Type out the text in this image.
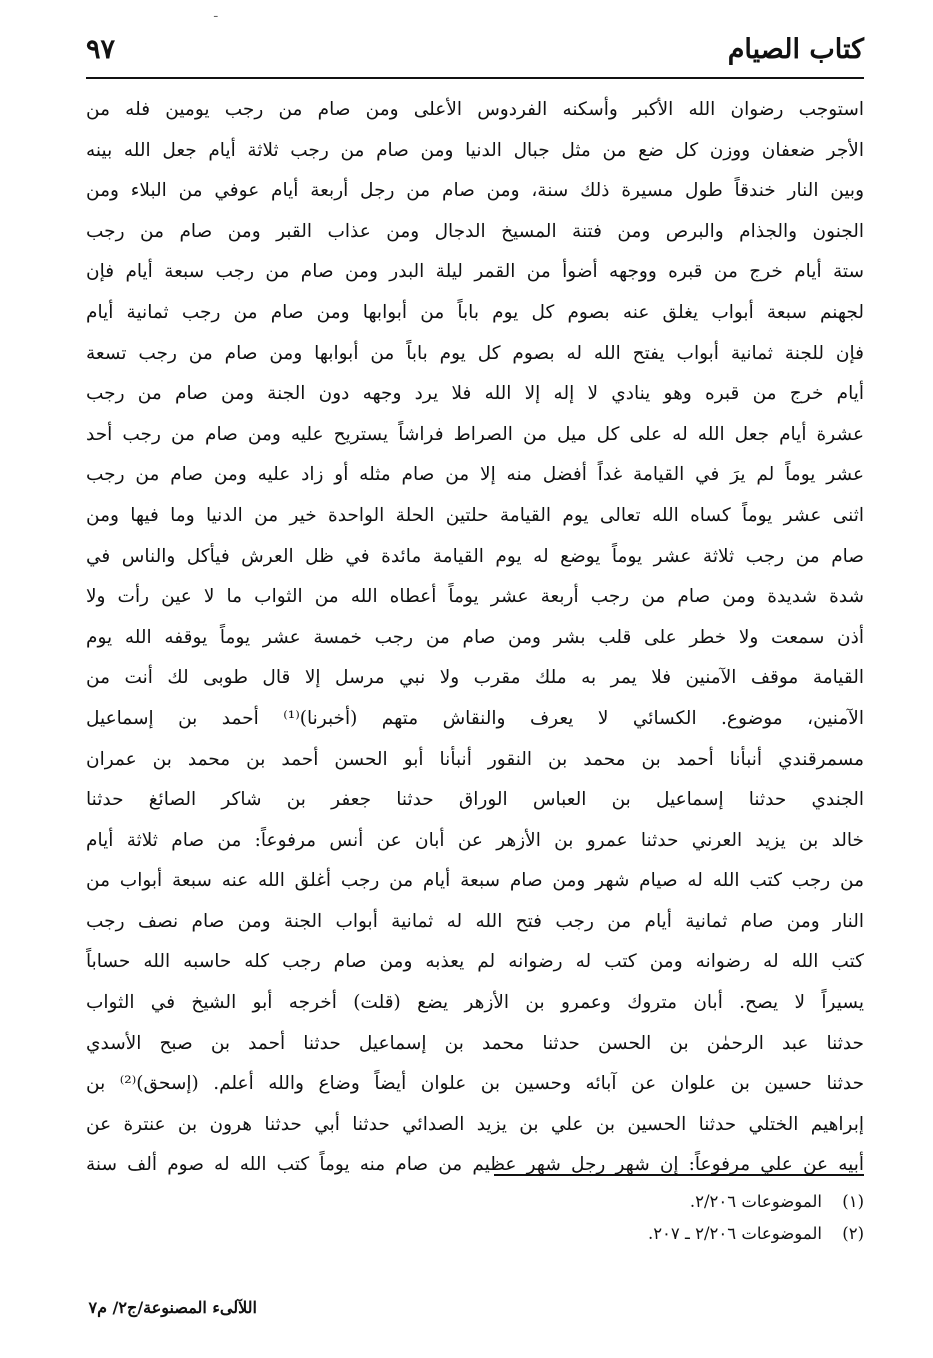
ـ
كتاب الصيام
٩٧
استوجب رضوان الله الأكبر وأسكنه الفردوس الأعلى ومن صام من رجب يومين فله من
الأجر ضعفان ووزن كل ضع من مثل جبال الدنيا ومن صام من رجب ثلاثة أيام جعل الله بينه
وبين النار خندقاً طول مسيرة ذلك سنة، ومن صام من رجل أربعة أيام عوفي من البلاء ومن
الجنون والجذام والبرص ومن فتنة المسيخ الدجال ومن عذاب القبر ومن صام من رجب
ستة أيام خرج من قبره ووجهه أضوأ من القمر ليلة البدر ومن صام من رجب سبعة أيام فإن
لجهنم سبعة أبواب يغلق عنه بصوم كل يوم باباً من أبوابها ومن صام من رجب ثمانية أيام
فإن للجنة ثمانية أبواب يفتح الله له بصوم كل يوم باباً من أبوابها ومن صام من رجب تسعة
أيام خرج من قبره وهو ينادي لا إله إلا الله فلا يرد وجهه دون الجنة ومن صام من رجب
عشرة أيام جعل الله له على كل ميل من الصراط فراشاً يستريح عليه ومن صام من رجب أحد
عشر يوماً لم يرَ في القيامة غداً أفضل منه إلا من صام مثله أو زاد عليه ومن صام من رجب
اثنى عشر يوماً كساه الله تعالى يوم القيامة حلتين الحلة الواحدة خير من الدنيا وما فيها ومن
صام من رجب ثلاثة عشر يوماً يوضع له يوم القيامة مائدة في ظل العرش فيأكل والناس في
شدة شديدة ومن صام من رجب أربعة عشر يوماً أعطاه الله من الثواب ما لا عين رأت ولا
أذن سمعت ولا خطر على قلب بشر ومن صام من رجب خمسة عشر يوماً يوقفه الله يوم
القيامة موقف الآمنين فلا يمر به ملك مقرب ولا نبي مرسل إلا قال طوبى لك أنت من
الآمنين، موضوع. الكسائي لا يعرف والنقاش متهم (أخبرنا)⁽¹⁾ أحمد بن إسماعيل
مسمرقندي أنبأنا أحمد بن محمد بن النقور أنبأنا أبو الحسن أحمد بن محمد بن عمران
الجندي حدثنا إسماعيل بن العباس الوراق حدثنا جعفر بن شاكر الصائغ حدثنا
خالد بن يزيد العرني حدثنا عمرو بن الأزهر عن أبان عن أنس مرفوعاً: من صام ثلاثة أيام
من رجب كتب الله له صيام شهر ومن صام سبعة أيام من رجب أغلق الله عنه سبعة أبواب من
النار ومن صام ثمانية أيام من رجب فتح الله له ثمانية أبواب الجنة ومن صام نصف رجب
كتب الله له رضوانه ومن كتب له رضوانه لم يعذبه ومن صام رجب كله حاسبه الله حساباً
يسيراً لا يصح. أبان متروك وعمرو بن الأزهر يضع (قلت) أخرجه أبو الشيخ في الثواب
حدثنا عبد الرحمٰن بن الحسن حدثنا محمد بن إسماعيل حدثنا أحمد بن صبح الأسدي
حدثنا حسين بن علوان عن آبائه وحسين بن علوان أيضاً وضاع والله أعلم. (إسحق)⁽²⁾ بن
إبراهيم الختلي حدثنا الحسين بن علي بن يزيد الصدائي حدثنا أبي حدثنا هرون بن عنترة عن
أبيه عن علي مرفوعاً: إن شهر رجل شهر عظيم من صام منه يوماً كتب الله له صوم ألف سنة
(١)الموضوعات ٢/٢٠٦.
(٢)الموضوعات ٢/٢٠٦ ـ ٢٠٧.
اللآلىء المصنوعة/ج٢/ م٧
